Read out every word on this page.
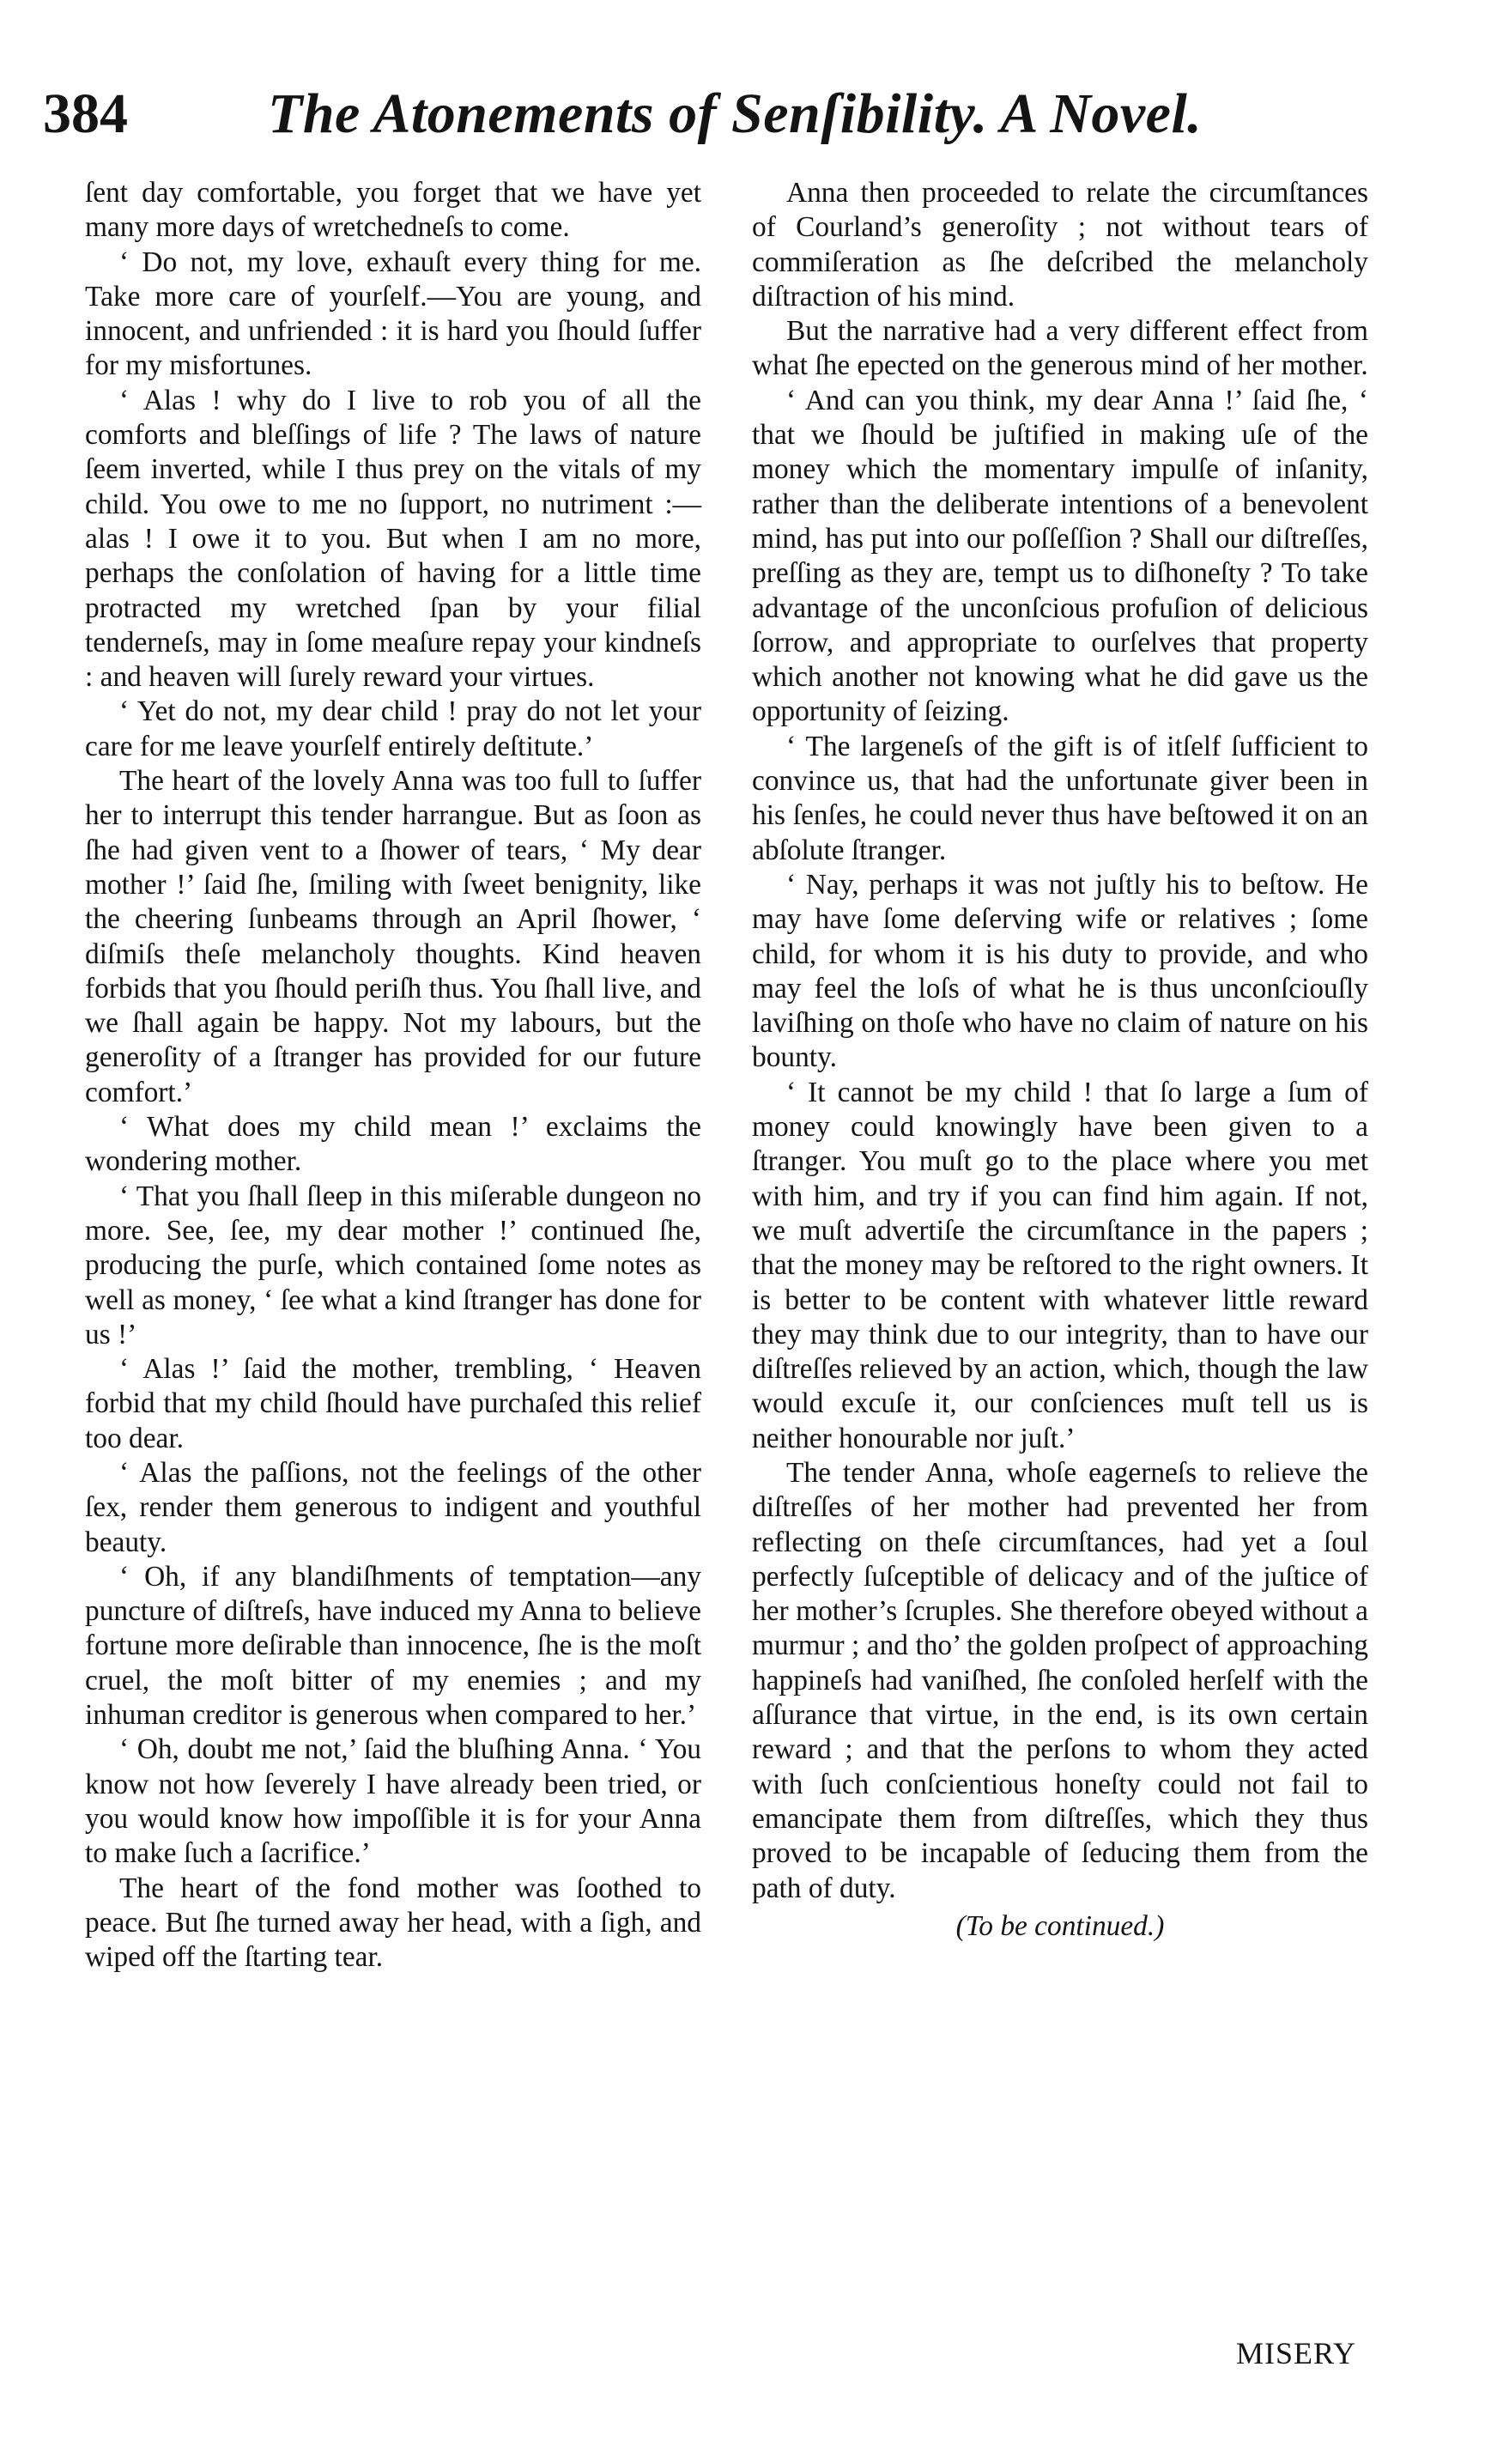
384 The Atonements of Senſibility. A Novel.

ſent day comfortable, you forget that we have yet many more days of wretchedneſs to come.

‘ Do not, my love, exhauſt every thing for me. Take more care of yourſelf.—You are young, and innocent, and unfriended : it is hard you ſhould ſuffer for my misfortunes.

‘ Alas ! why do I live to rob you of all the comforts and bleſſings of life ? The laws of nature ſeem inverted, while I thus prey on the vitals of my child. You owe to me no ſupport, no nutriment :—alas ! I owe it to you. But when I am no more, perhaps the conſolation of having for a little time protracted my wretched ſpan by your filial tenderneſs, may in ſome meaſure repay your kindneſs : and heaven will ſurely reward your virtues.

‘ Yet do not, my dear child ! pray do not let your care for me leave yourſelf entirely deſtitute.’

The heart of the lovely Anna was too full to ſuffer her to interrupt this tender harrangue. But as ſoon as ſhe had given vent to a ſhower of tears, ‘ My dear mother !’ ſaid ſhe, ſmiling with ſweet benignity, like the cheering ſunbeams through an April ſhower, ‘ diſmiſs theſe melancholy thoughts. Kind heaven forbids that you ſhould periſh thus. You ſhall live, and we ſhall again be happy. Not my labours, but the generoſity of a ſtranger has provided for our future comfort.’

‘ What does my child mean !’ exclaims the wondering mother.

‘ That you ſhall ſleep in this miſerable dungeon no more. See, ſee, my dear mother !’ continued ſhe, producing the purſe, which contained ſome notes as well as money, ‘ ſee what a kind ſtranger has done for us !’

‘ Alas !’ ſaid the mother, trembling, ‘ Heaven forbid that my child ſhould have purchaſed this relief too dear.

‘ Alas the paſſions, not the feelings of the other ſex, render them generous to indigent and youthful beauty.

‘ Oh, if any blandiſhments of temptation—any puncture of diſtreſs, have induced my Anna to believe fortune more deſirable than innocence, ſhe is the moſt cruel, the moſt bitter of my enemies ; and my inhuman creditor is generous when compared to her.’

‘ Oh, doubt me not,’ ſaid the bluſhing Anna. ‘ You know not how ſeverely I have already been tried, or you would know how impoſſible it is for your Anna to make ſuch a ſacrifice.’

The heart of the fond mother was ſoothed to peace. But ſhe turned away her head, with a ſigh, and wiped off the ſtarting tear.

Anna then proceeded to relate the circumſtances of Courland’s generoſity ; not without tears of commiſeration as ſhe deſcribed the melancholy diſtraction of his mind.

But the narrative had a very different effect from what ſhe epected on the generous mind of her mother.

‘ And can you think, my dear Anna !’ ſaid ſhe, ‘ that we ſhould be juſtified in making uſe of the money which the momentary impulſe of inſanity, rather than the deliberate intentions of a benevolent mind, has put into our poſſeſſion ? Shall our diſtreſſes, preſſing as they are, tempt us to diſhoneſty ? To take advantage of the unconſcious profuſion of delicious ſorrow, and appropriate to ourſelves that property which another not knowing what he did gave us the opportunity of ſeizing.

‘ The largeneſs of the gift is of itſelf ſufficient to convince us, that had the unfortunate giver been in his ſenſes, he could never thus have beſtowed it on an abſolute ſtranger.

‘ Nay, perhaps it was not juſtly his to beſtow. He may have ſome deſerving wife or relatives ; ſome child, for whom it is his duty to provide, and who may feel the loſs of what he is thus unconſciouſly laviſhing on thoſe who have no claim of nature on his bounty.

‘ It cannot be my child ! that ſo large a ſum of money could knowingly have been given to a ſtranger. You muſt go to the place where you met with him, and try if you can find him again. If not, we muſt advertiſe the circumſtance in the papers ; that the money may be reſtored to the right owners. It is better to be content with whatever little reward they may think due to our integrity, than to have our diſtreſſes relieved by an action, which, though the law would excuſe it, our conſciences muſt tell us is neither honourable nor juſt.’

The tender Anna, whoſe eagerneſs to relieve the diſtreſſes of her mother had prevented her from reflecting on theſe circumſtances, had yet a ſoul perfectly ſuſceptible of delicacy and of the juſtice of her mother’s ſcruples. She therefore obeyed without a murmur ; and tho’ the golden proſpect of approaching happineſs had vaniſhed, ſhe conſoled herſelf with the aſſurance that virtue, in the end, is its own certain reward ; and that the perſons to whom they acted with ſuch conſcientious honeſty could not fail to emancipate them from diſtreſſes, which they thus proved to be incapable of ſeducing them from the path of duty.

(To be continued.)

MISERY
